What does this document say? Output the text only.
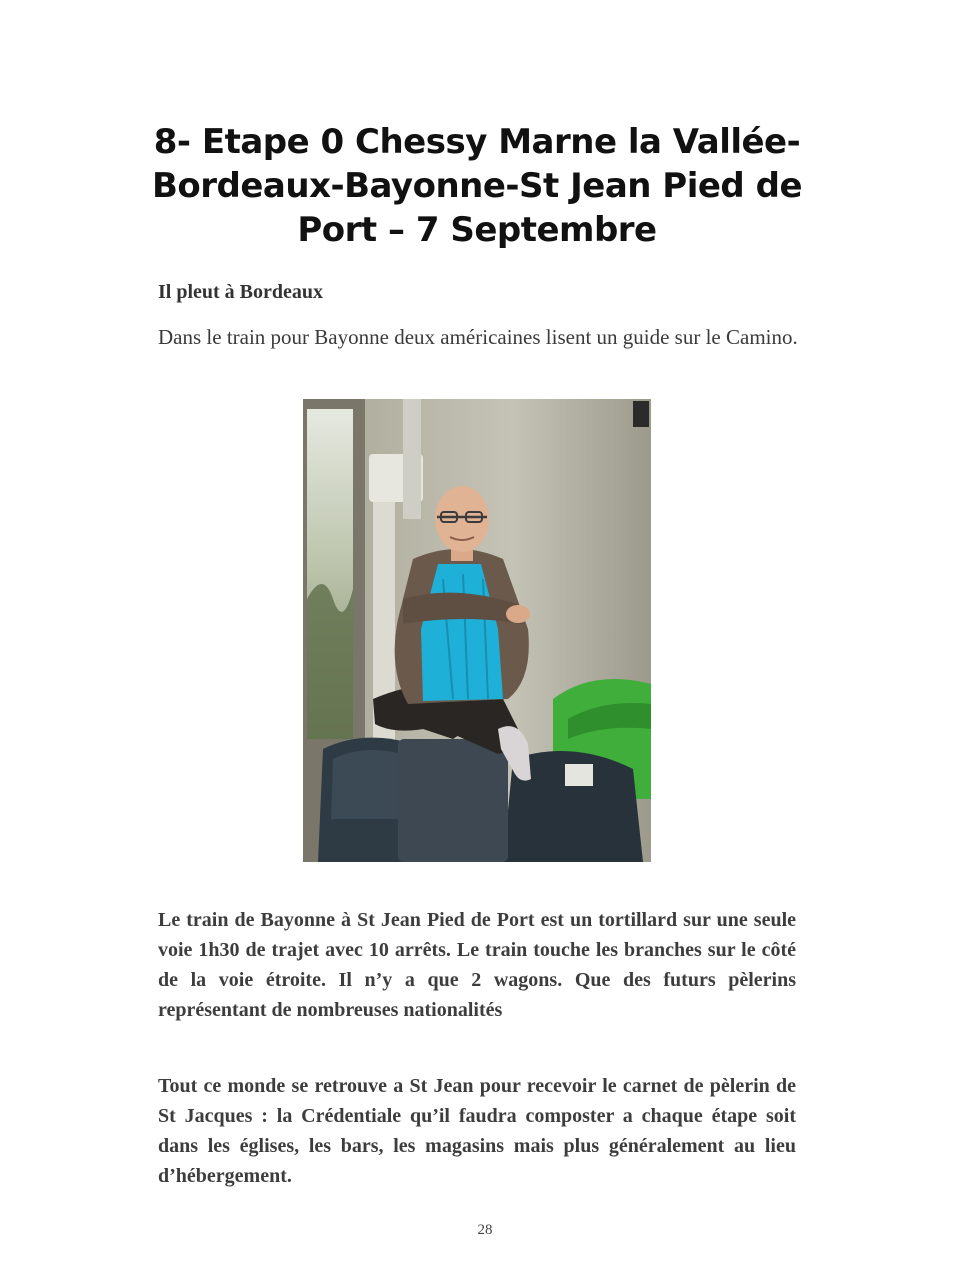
8- Etape 0 Chessy Marne la Vallée-Bordeaux-Bayonne-St Jean Pied de Port – 7 Septembre

Il pleut à Bordeaux

Dans le train pour Bayonne deux américaines lisent un guide sur le Camino.

Le train de Bayonne à St Jean Pied de Port est un tortillard sur une seule voie 1h30 de trajet avec 10 arrêts. Le train touche les branches sur le côté de la voie étroite. Il n’y a que 2 wagons. Que des futurs pèlerins représentant de nombreuses nationalités

Tout ce monde se retrouve a St Jean pour recevoir le carnet de pèlerin de St Jacques : la Crédentiale qu’il faudra composter a chaque étape soit dans les églises, les bars, les magasins mais plus généralement au lieu d’hébergement.

28
